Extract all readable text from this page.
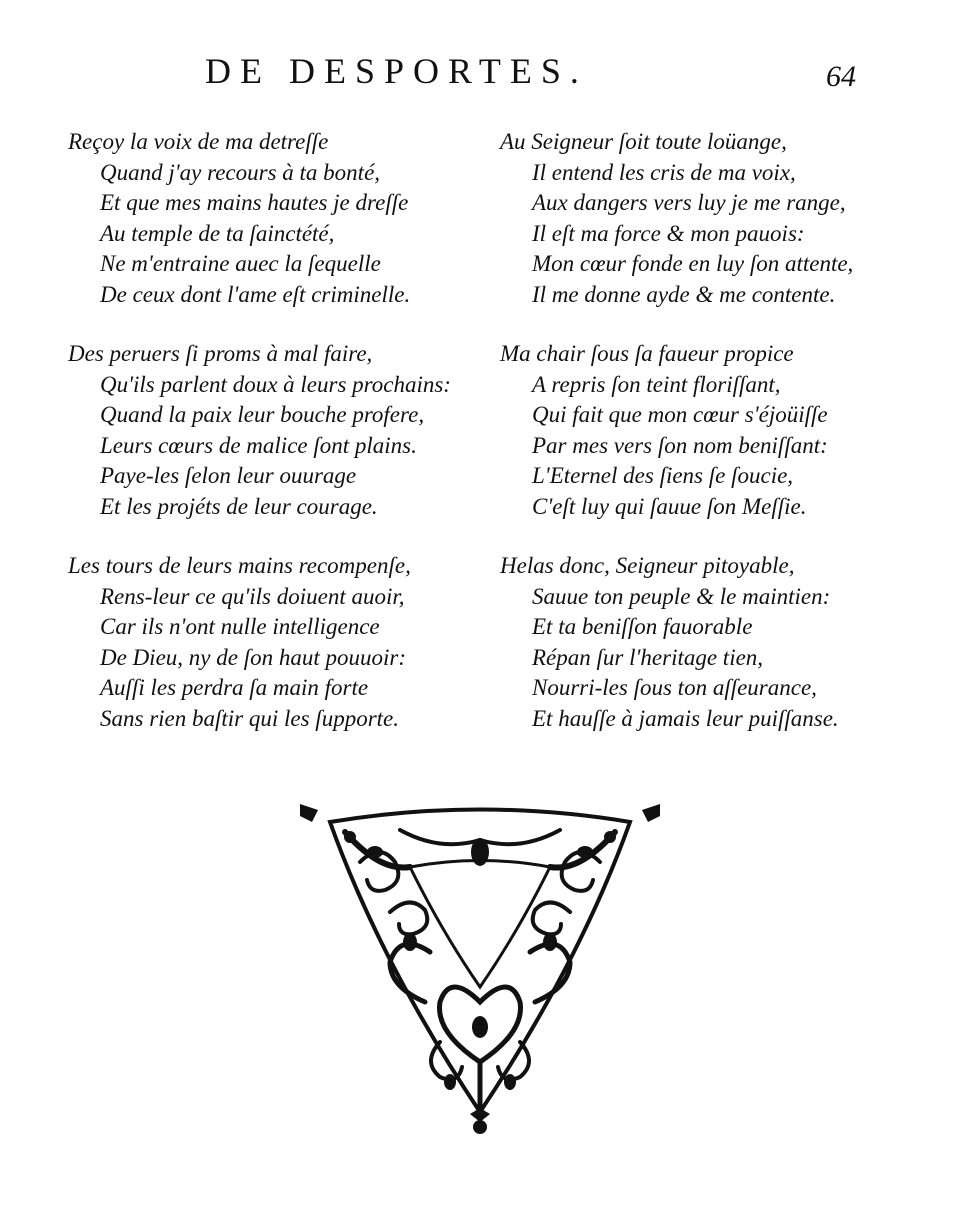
DE DESPORTES.	64
Reçoy la voix de ma detreſſe
Quand j'ay recours à ta bonté,
Et que mes mains hautes je dreſſe
Au temple de ta ſainctété,
Ne m'entraine auec la ſequelle
De ceux dont l'ame eſt criminelle.
Des peruers ſi proms à mal faire,
Qu'ils parlent doux à leurs prochains:
Quand la paix leur bouche profere,
Leurs cœurs de malice ſont plains.
Paye-les ſelon leur ouurage
Et les projéts de leur courage.
Les tours de leurs mains recompenſe,
Rens-leur ce qu'ils doiuent auoir,
Car ils n'ont nulle intelligence
De Dieu, ny de ſon haut pouuoir:
Auſſi les perdra ſa main forte
Sans rien baſtir qui les ſupporte.
Au Seigneur ſoit toute loüange,
Il entend les cris de ma voix,
Aux dangers vers luy je me range,
Il eſt ma force & mon pauois:
Mon cœur fonde en luy ſon attente,
Il me donne ayde & me contente.
Ma chair ſous ſa faueur propice
A repris ſon teint floriſſant,
Qui fait que mon cœur s'éjoüiſſe
Par mes vers ſon nom beniſſant:
L'Eternel des ſiens ſe ſoucie,
C'eſt luy qui ſauue ſon Meſſie.
Helas donc, Seigneur pitoyable,
Sauue ton peuple & le maintien:
Et ta beniſſon fauorable
Répan ſur l'heritage tien,
Nourri-les ſous ton aſſeurance,
Et hauſſe à jamais leur puiſſanse.
